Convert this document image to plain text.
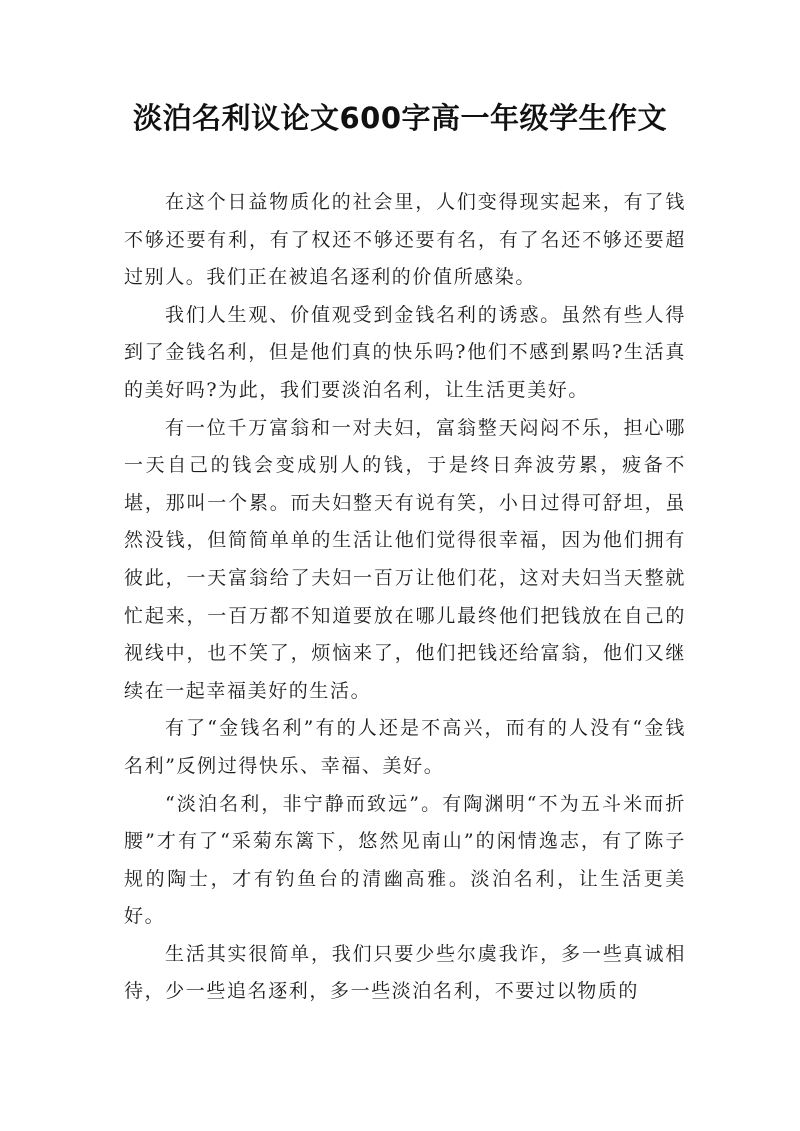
淡泊名利议论文600字高一年级学生作文

在这个日益物质化的社会里，人们变得现实起来，有了钱不够还要有利，有了权还不够还要有名，有了名还不够还要超过别人。我们正在被追名逐利的价值所感染。

我们人生观、价值观受到金钱名利的诱惑。虽然有些人得到了金钱名利，但是他们真的快乐吗?他们不感到累吗?生活真的美好吗?为此，我们要淡泊名利，让生活更美好。

有一位千万富翁和一对夫妇，富翁整天闷闷不乐，担心哪一天自己的钱会变成别人的钱，于是终日奔波劳累，疲备不堪，那叫一个累。而夫妇整天有说有笑，小日过得可舒坦，虽然没钱，但简简单单的生活让他们觉得很幸福，因为他们拥有彼此，一天富翁给了夫妇一百万让他们花，这对夫妇当天整就忙起来，一百万都不知道要放在哪儿最终他们把钱放在自己的视线中，也不笑了，烦恼来了，他们把钱还给富翁，他们又继续在一起幸福美好的生活。

有了“金钱名利”有的人还是不高兴，而有的人没有“金钱名利”反例过得快乐、幸福、美好。

“淡泊名利，非宁静而致远”。有陶渊明“不为五斗米而折腰”才有了“采菊东篱下，悠然见南山”的闲情逸志，有了陈子规的陶士，才有钓鱼台的清幽高雅。淡泊名利，让生活更美好。

生活其实很简单，我们只要少些尔虞我诈，多一些真诚相待，少一些追名逐利，多一些淡泊名利，不要过以物质的
